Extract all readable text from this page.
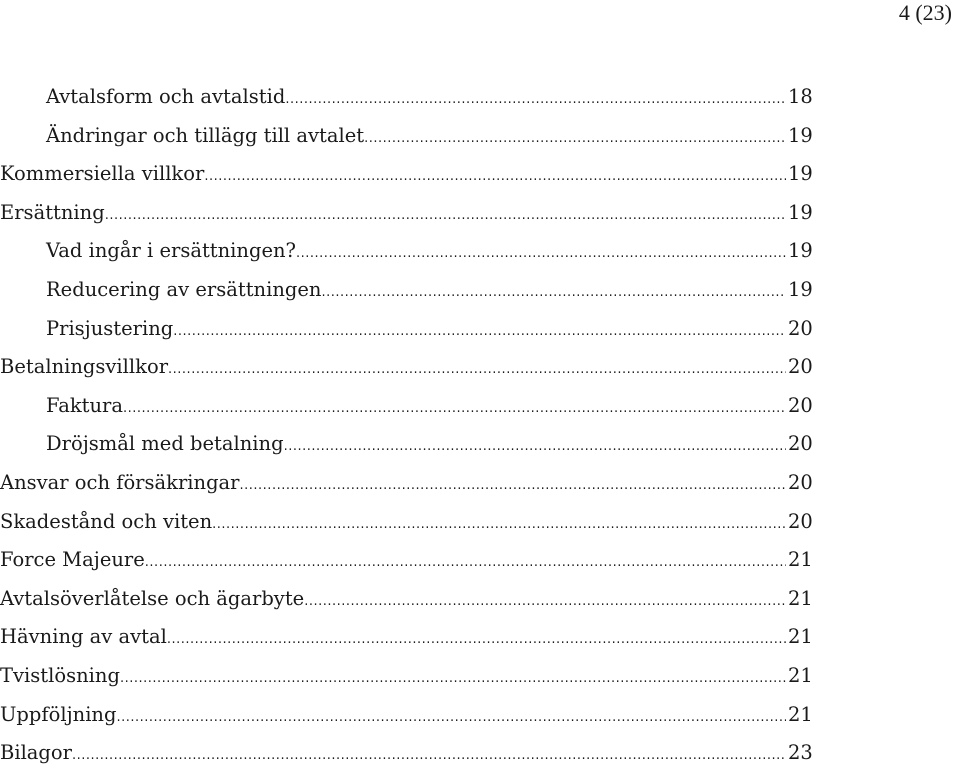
4 (23)
Avtalsform och avtalstid .....	18
Ändringar och tillägg till avtalet .....	19
Kommersiella villkor .....	19
Ersättning .....	19
Vad ingår i ersättningen? .....	19
Reducering av ersättningen .....	19
Prisjustering .....	20
Betalningsvillkor .....	20
Faktura .....	20
Dröjsmål med betalning .....	20
Ansvar och försäkringar .....	20
Skadestånd och viten .....	20
Force Majeure .....	21
Avtalsöverlåtelse och ägarbyte .....	21
Hävning av avtal .....	21
Tvistlösning .....	21
Uppföljning .....	21
Bilagor .....	23
